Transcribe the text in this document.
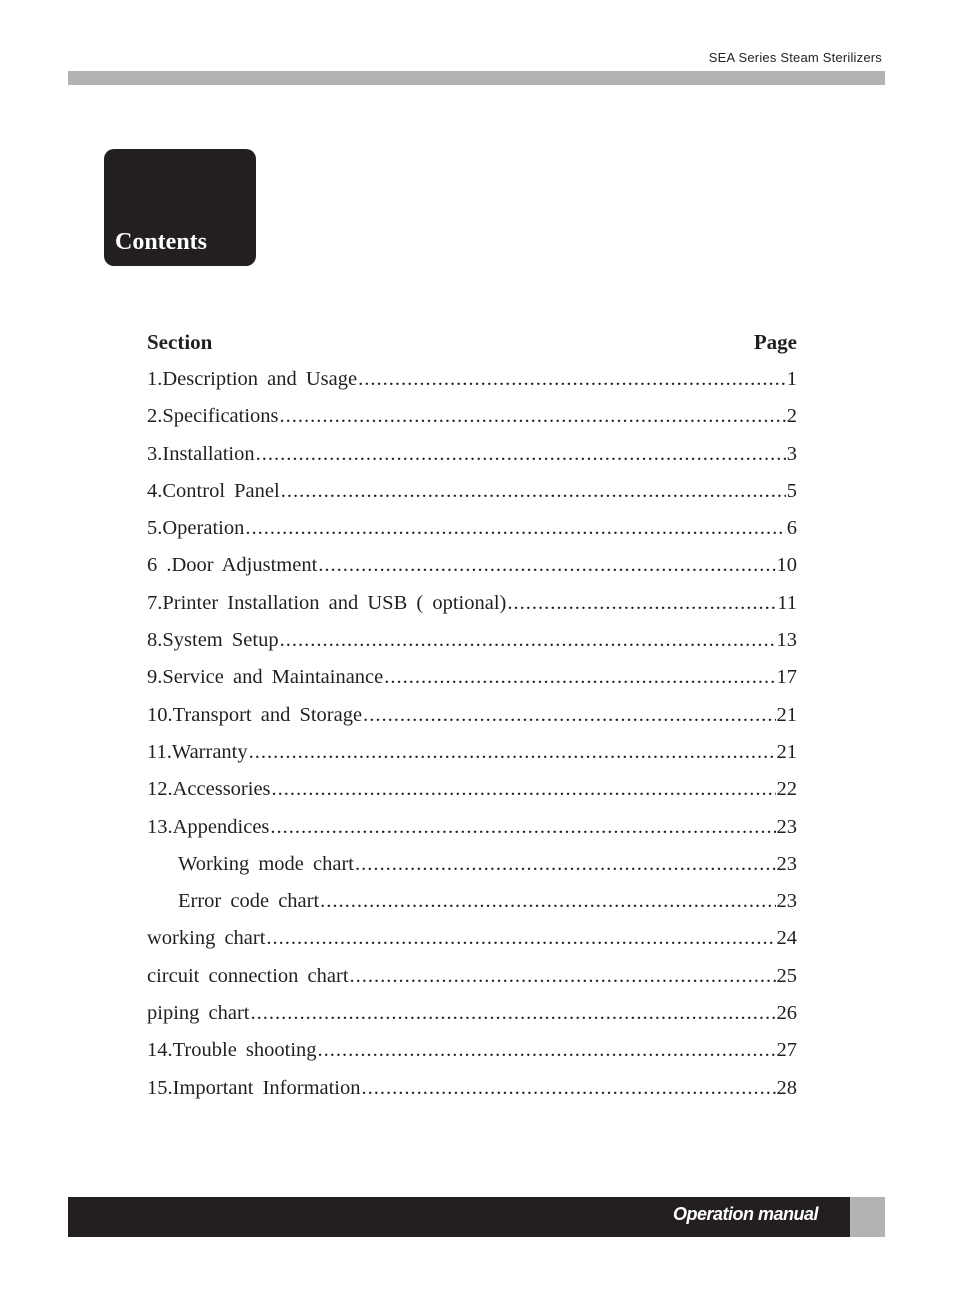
SEA Series Steam Sterilizers
Contents
Section	Page
1.Description and Usage .....	1
2.Specifications .....	2
3.Installation .....	3
4.Control Panel .....	5
5.Operation .....	6
6 .Door Adjustment .....	10
7.Printer Installation and USB ( optional) .....	11
8.System Setup .....	13
9.Service and Maintainance .....	17
10.Transport and Storage .....	21
11.Warranty .....	21
12.Accessories .....	22
13.Appendices .....	23
Working mode chart .....	23
Error code chart .....	23
working chart .....	24
circuit connection chart .....	25
piping chart .....	26
14.Trouble shooting .....	27
15.Important Information .....	28
Operation manual
